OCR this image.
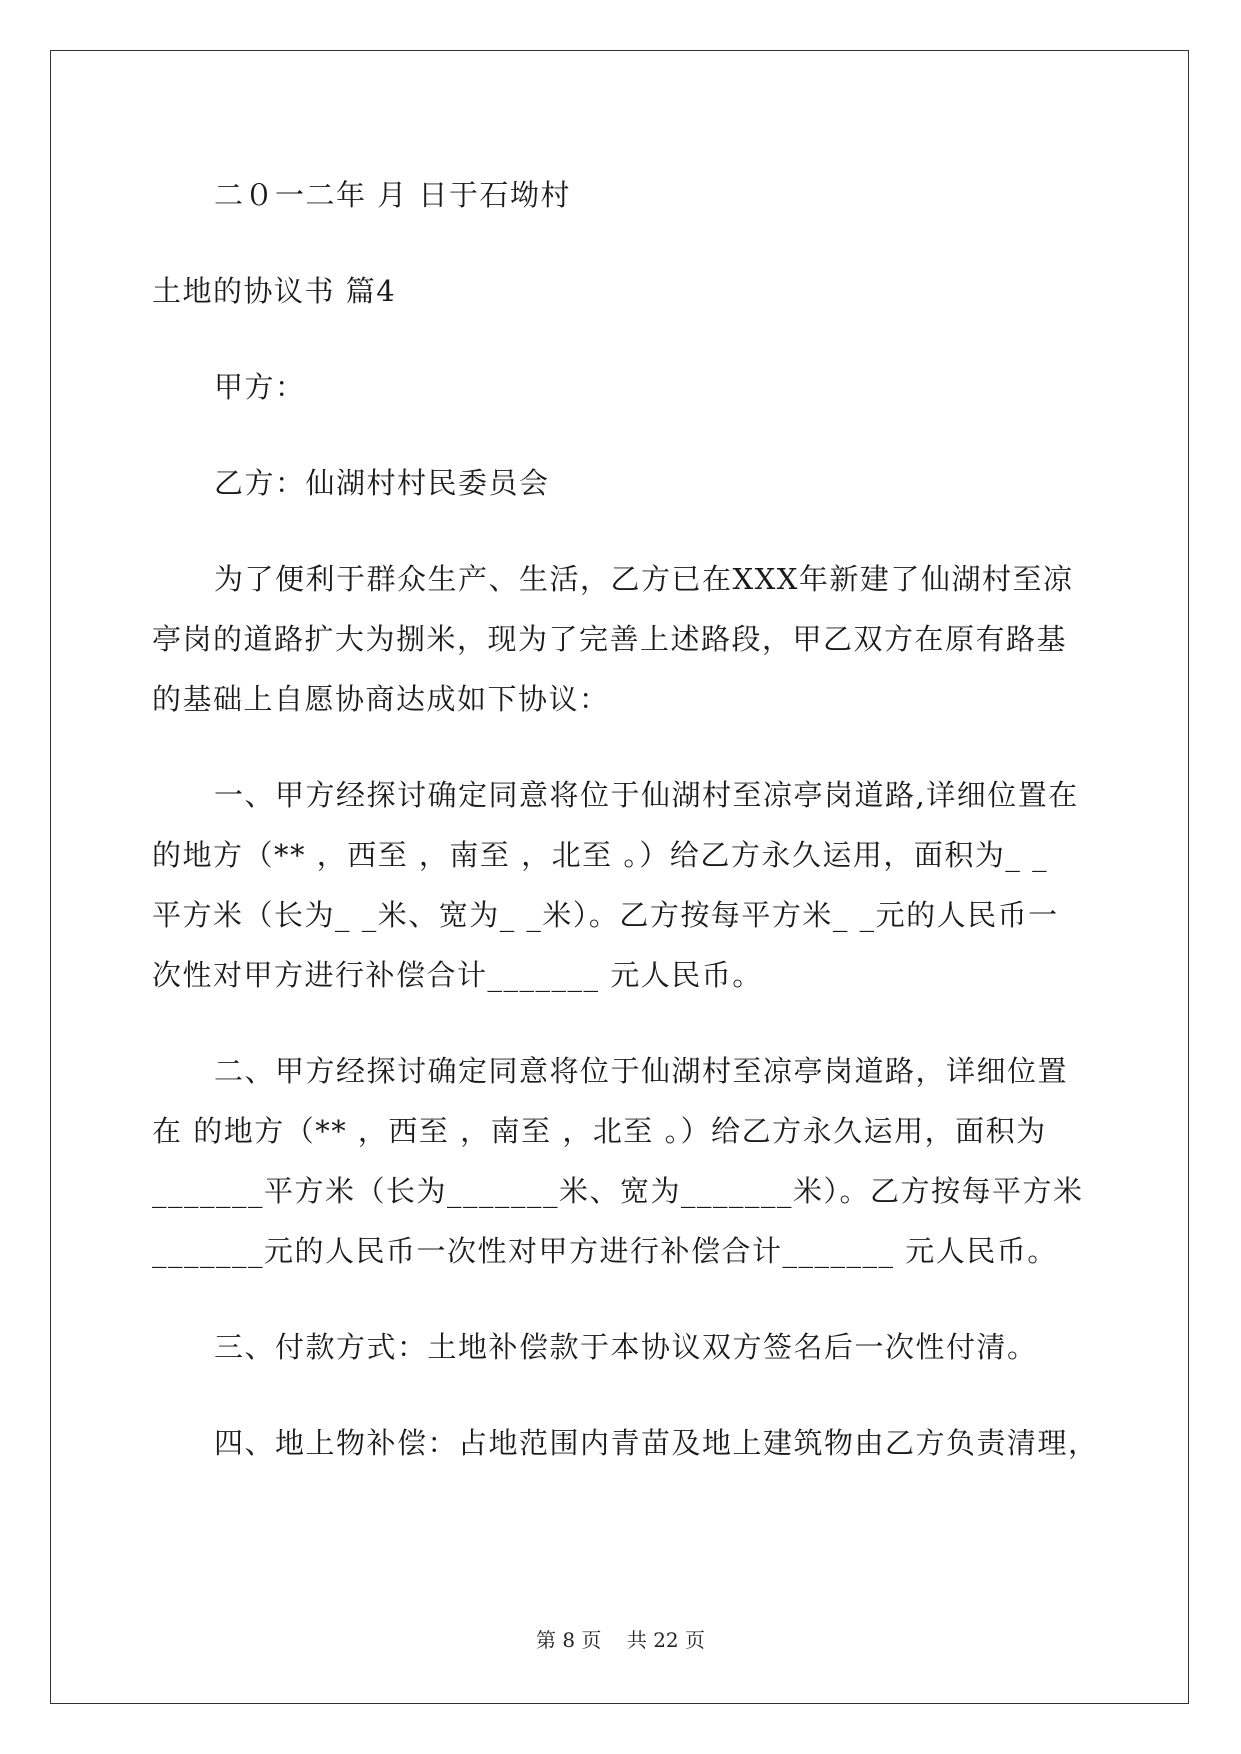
二０一二年 月 日于石坳村
土地的协议书 篇4
甲方：
乙方：仙湖村村民委员会
为了便利于群众生产、生活，乙方已在XXX年新建了仙湖村至凉
亭岗的道路扩大为捌米，现为了完善上述路段，甲乙双方在原有路基
的基础上自愿协商达成如下协议：
一、甲方经探讨确定同意将位于仙湖村至凉亭岗道路,详细位置在
的地方（** ，西至 ，南至 ，北至 。）给乙方永久运用，面积为_ _
平方米（长为_ _米、宽为_ _米）。乙方按每平方米_ _元的人民币一
次性对甲方进行补偿合计_______ 元人民币。
二、甲方经探讨确定同意将位于仙湖村至凉亭岗道路，详细位置
在 的地方（** ，西至 ，南至 ，北至 。）给乙方永久运用，面积为
_______平方米（长为_______米、宽为_______米）。乙方按每平方米
_______元的人民币一次性对甲方进行补偿合计_______ 元人民币。
三、付款方式：土地补偿款于本协议双方签名后一次性付清。
四、地上物补偿：占地范围内青苗及地上建筑物由乙方负责清理，
第 8 页    共 22 页
